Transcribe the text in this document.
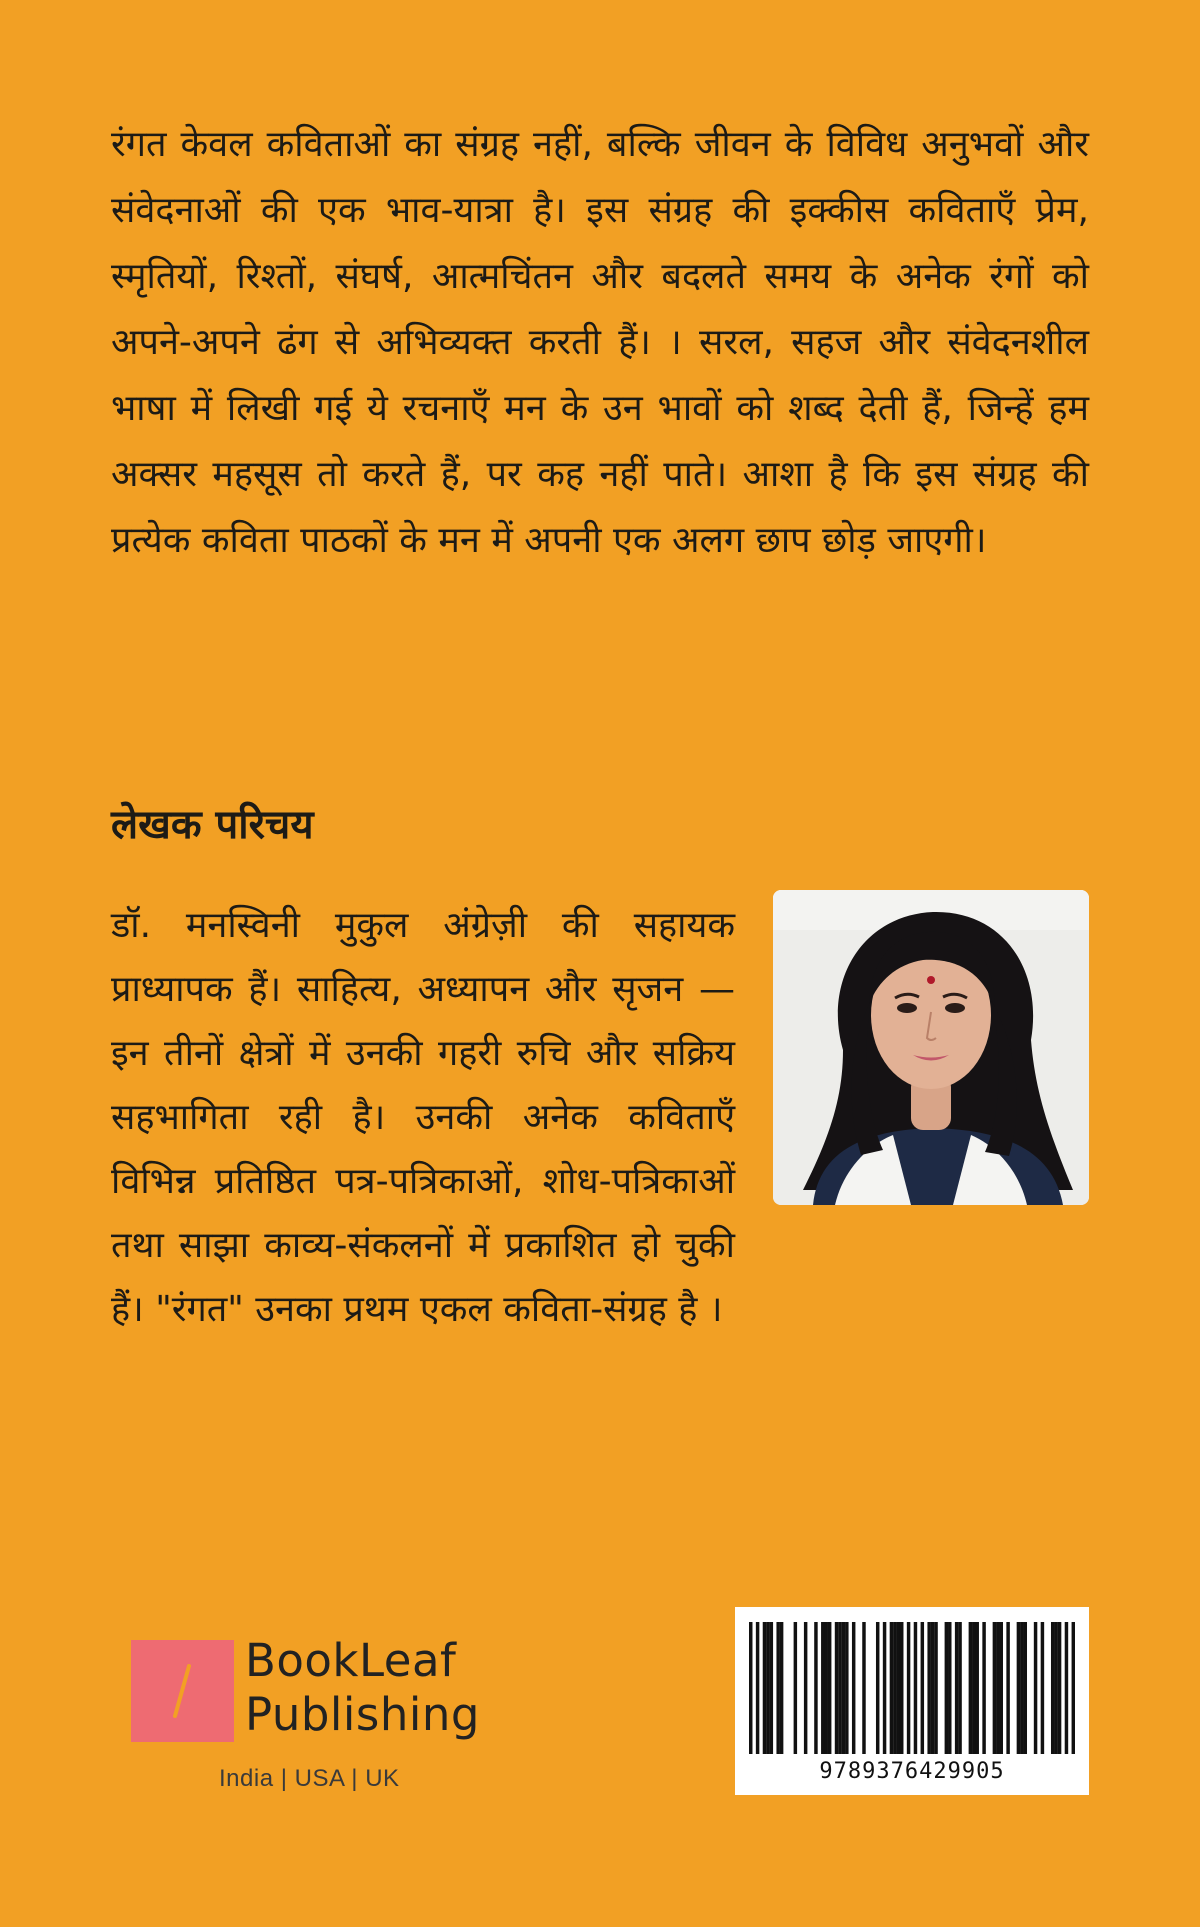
रंगत केवल कविताओं का संग्रह नहीं, बल्कि जीवन के विविध अनुभवों और संवेदनाओं की एक भाव-यात्रा है। इस संग्रह की इक्कीस कविताएँ प्रेम, स्मृतियों, रिश्तों, संघर्ष, आत्मचिंतन और बदलते समय के अनेक रंगों को अपने-अपने ढंग से अभिव्यक्त करती हैं। । सरल, सहज और संवेदनशील भाषा में लिखी गई ये रचनाएँ मन के उन भावों को शब्द देती हैं, जिन्हें हम अक्सर महसूस तो करते हैं, पर कह नहीं पाते। आशा है कि इस संग्रह की प्रत्येक कविता पाठकों के मन में अपनी एक अलग छाप छोड़ जाएगी।

लेखक परिचय

डॉ. मनस्विनी मुकुल अंग्रेज़ी की सहायक प्राध्यापक हैं। साहित्य, अध्यापन और सृजन —इन तीनों क्षेत्रों में उनकी गहरी रुचि और सक्रिय सहभागिता रही है। उनकी अनेक कविताएँ विभिन्न प्रतिष्ठित पत्र-पत्रिकाओं, शोध-पत्रिकाओं तथा साझा काव्य-संकलनों में प्रकाशित हो चुकी हैं। "रंगत" उनका प्रथम एकल कविता-संग्रह है ।

BookLeaf
Publishing
India | USA | UK	9789376429905
